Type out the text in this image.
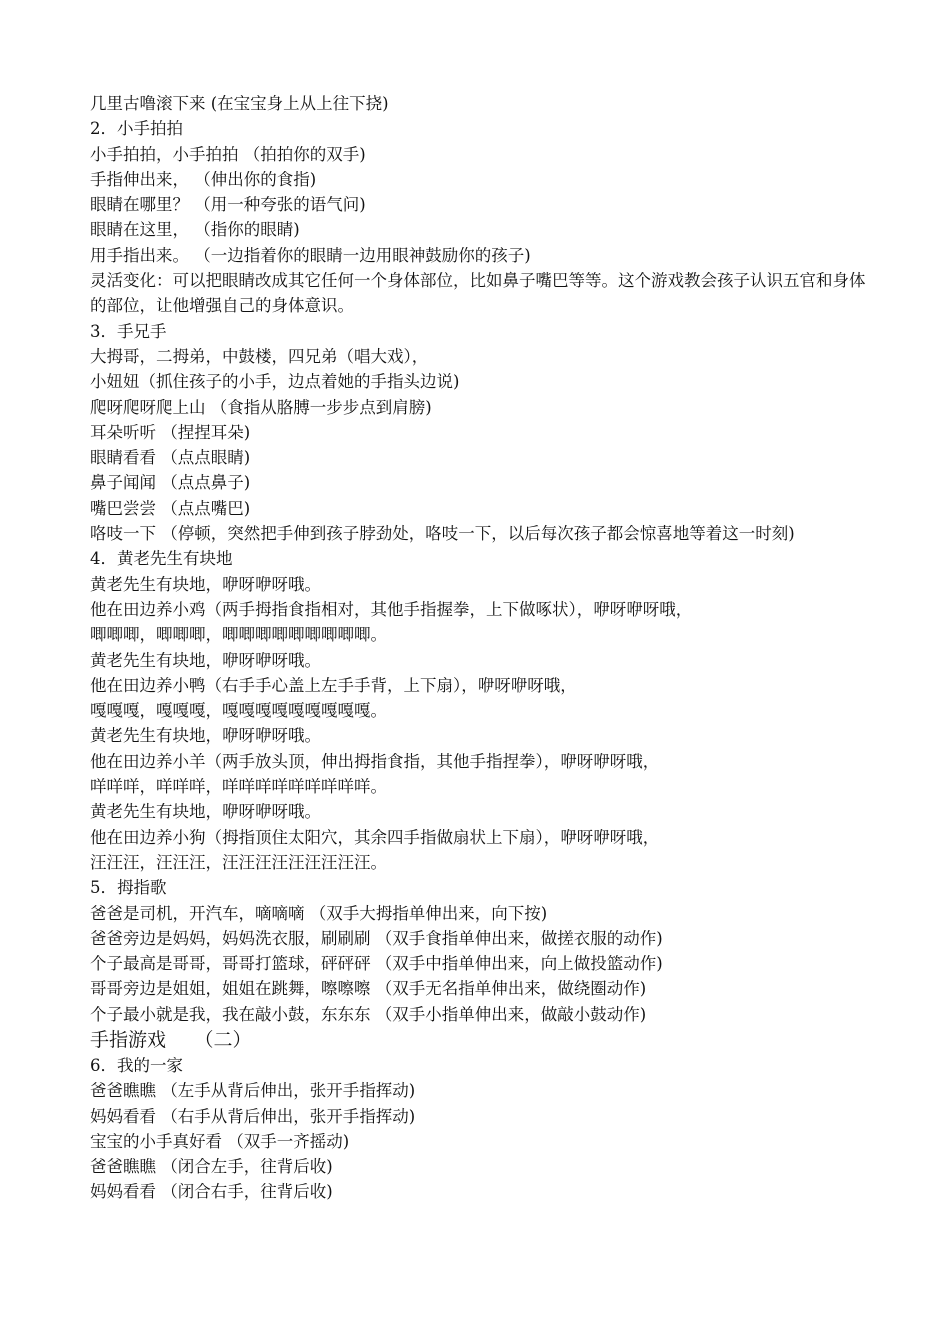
几里古噜滚下来 (在宝宝身上从上往下挠)
2．小手拍拍
小手拍拍，小手拍拍 （拍拍你的双手)
手指伸出来， （伸出你的食指)
眼睛在哪里？ （用一种夸张的语气问)
眼睛在这里， （指你的眼睛)
用手指出来。 （一边指着你的眼睛一边用眼神鼓励你的孩子)
灵活变化：可以把眼睛改成其它任何一个身体部位，比如鼻子嘴巴等等。这个游戏教会孩子认识五官和身体的部位，让他增强自己的身体意识。
3．手兄手
大拇哥，二拇弟，中鼓楼，四兄弟（唱大戏），
小妞妞（抓住孩子的小手，边点着她的手指头边说)
爬呀爬呀爬上山 （食指从胳膊一步步点到肩膀)
耳朵听听 （捏捏耳朵)
眼睛看看 （点点眼睛)
鼻子闻闻 （点点鼻子)
嘴巴尝尝 （点点嘴巴)
咯吱一下 （停顿，突然把手伸到孩子脖劲处，咯吱一下，以后每次孩子都会惊喜地等着这一时刻)
4．黄老先生有块地
黄老先生有块地，咿呀咿呀哦。
他在田边养小鸡（两手拇指食指相对，其他手指握拳，上下做啄状），咿呀咿呀哦，
唧唧唧，唧唧唧，唧唧唧唧唧唧唧唧唧。
黄老先生有块地，咿呀咿呀哦。
他在田边养小鸭（右手手心盖上左手手背，上下扇），咿呀咿呀哦，
嘎嘎嘎，嘎嘎嘎，嘎嘎嘎嘎嘎嘎嘎嘎嘎。
黄老先生有块地，咿呀咿呀哦。
他在田边养小羊（两手放头顶，伸出拇指食指，其他手指捏拳），咿呀咿呀哦，
咩咩咩，咩咩咩，咩咩咩咩咩咩咩咩咩。
黄老先生有块地，咿呀咿呀哦。
他在田边养小狗（拇指顶住太阳穴，其余四手指做扇状上下扇），咿呀咿呀哦，
汪汪汪，汪汪汪，汪汪汪汪汪汪汪汪汪。
5．拇指歌
爸爸是司机，开汽车，嘀嘀嘀 （双手大拇指单伸出来，向下按)
爸爸旁边是妈妈，妈妈洗衣服，刷刷刷 （双手食指单伸出来，做搓衣服的动作)
个子最高是哥哥，哥哥打篮球，砰砰砰 （双手中指单伸出来，向上做投篮动作)
哥哥旁边是姐姐，姐姐在跳舞，嚓嚓嚓 （双手无名指单伸出来，做绕圈动作)
个子最小就是我，我在敲小鼓，东东东 （双手小指单伸出来，做敲小鼓动作)
手指游戏　　（二）
6．我的一家
爸爸瞧瞧 （左手从背后伸出，张开手指挥动)
妈妈看看 （右手从背后伸出，张开手指挥动)
宝宝的小手真好看 （双手一齐摇动)
爸爸瞧瞧 （闭合左手，往背后收)
妈妈看看 （闭合右手，往背后收)
